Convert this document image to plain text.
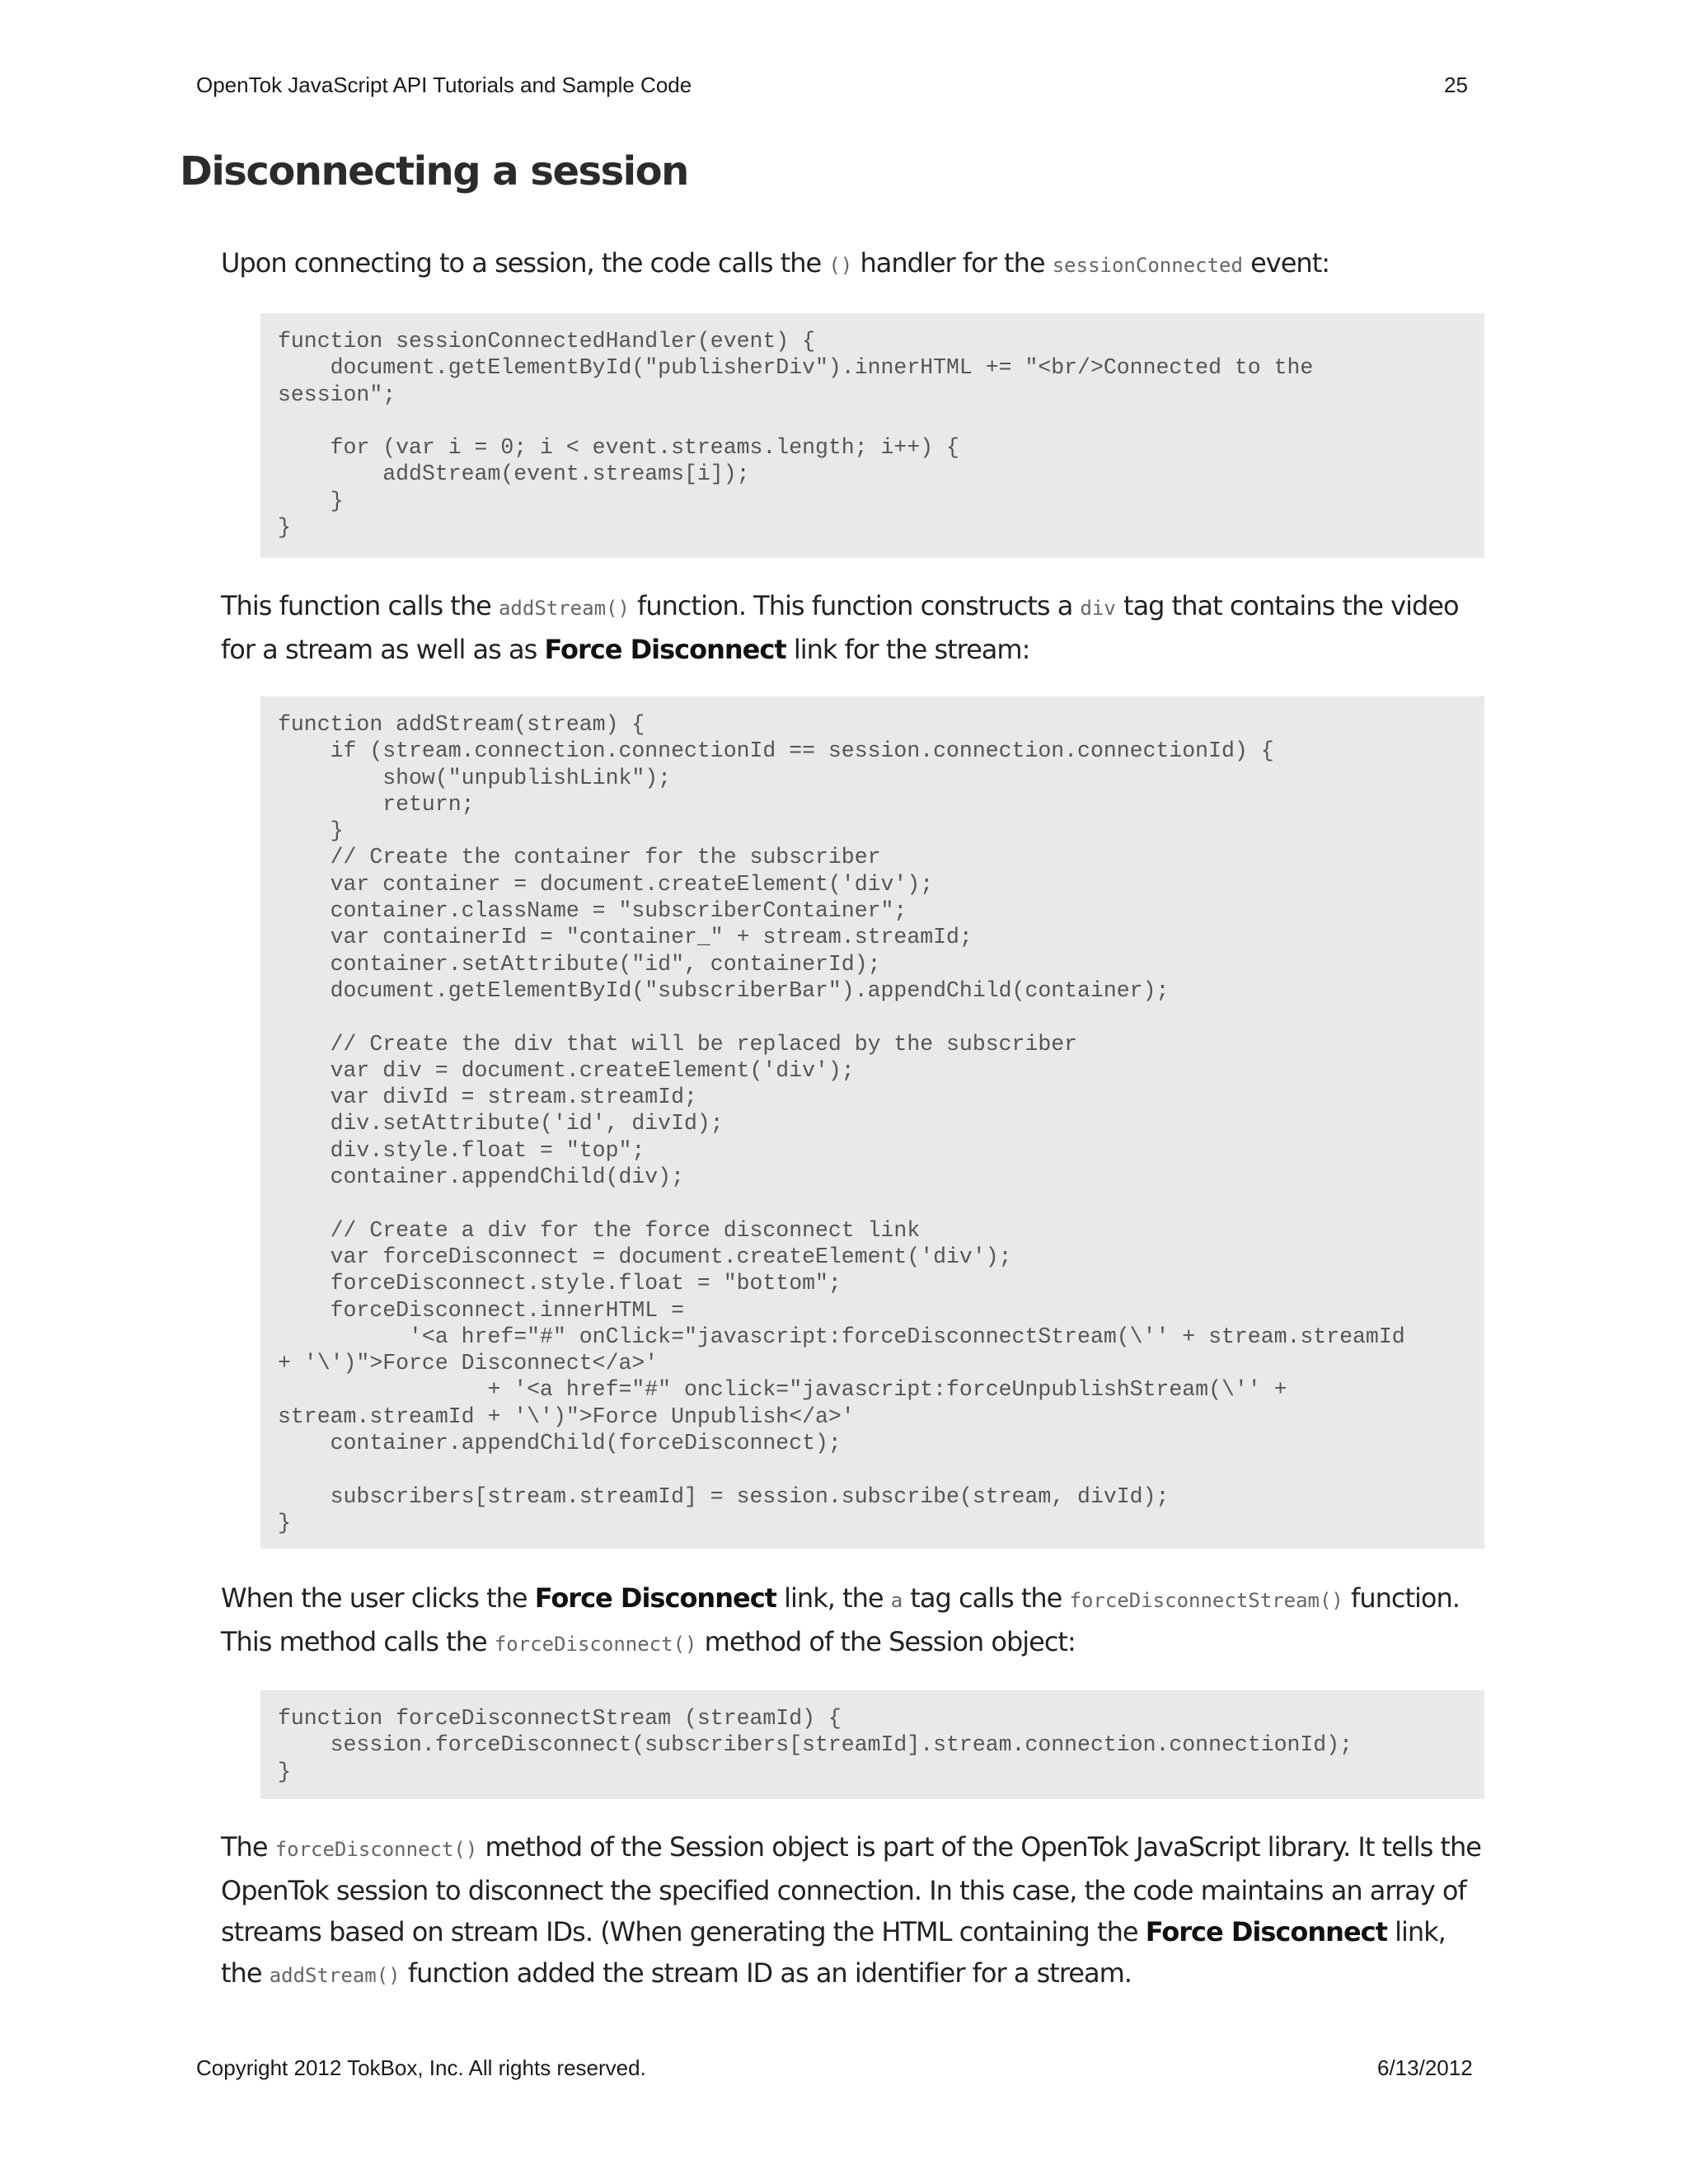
OpenTok JavaScript API Tutorials and Sample Code	25
Disconnecting a session

Upon connecting to a session, the code calls the () handler for the sessionConnected event:

function sessionConnectedHandler(event) {
document.getElementById("publisherDiv").innerHTML += "<br/>Connected to the
session";

for (var i = 0; i < event.streams.length; i++) {
addStream(event.streams[i]);
}
}

This function calls the addStream() function. This function constructs a div tag that contains the video for a stream as well as as Force Disconnect link for the stream:

function addStream(stream) {
if (stream.connection.connectionId == session.connection.connectionId) {
show("unpublishLink");
return;
}
// Create the container for the subscriber
var container = document.createElement('div');
container.className = "subscriberContainer";
var containerId = "container_" + stream.streamId;
container.setAttribute("id", containerId);
document.getElementById("subscriberBar").appendChild(container);

// Create the div that will be replaced by the subscriber
var div = document.createElement('div');
var divId = stream.streamId;
div.setAttribute('id', divId);
div.style.float = "top";
container.appendChild(div);

// Create a div for the force disconnect link
var forceDisconnect = document.createElement('div');
forceDisconnect.style.float = "bottom";
forceDisconnect.innerHTML =
'<a href="#" onClick="javascript:forceDisconnectStream(\'' + stream.streamId
+ '\')">Force Disconnect</a>'
+ '<a href="#" onclick="javascript:forceUnpublishStream(\'' +
stream.streamId + '\')">Force Unpublish</a>'
container.appendChild(forceDisconnect);

subscribers[stream.streamId] = session.subscribe(stream, divId);
}

When the user clicks the Force Disconnect link, the a tag calls the forceDisconnectStream() function. This method calls the forceDisconnect() method of the Session object:

function forceDisconnectStream (streamId) {
session.forceDisconnect(subscribers[streamId].stream.connection.connectionId);
}

The forceDisconnect() method of the Session object is part of the OpenTok JavaScript library. It tells the OpenTok session to disconnect the specified connection. In this case, the code maintains an array of streams based on stream IDs. (When generating the HTML containing the Force Disconnect link, the addStream() function added the stream ID as an identifier for a stream.

Copyright 2012 TokBox, Inc. All rights reserved.	6/13/2012
